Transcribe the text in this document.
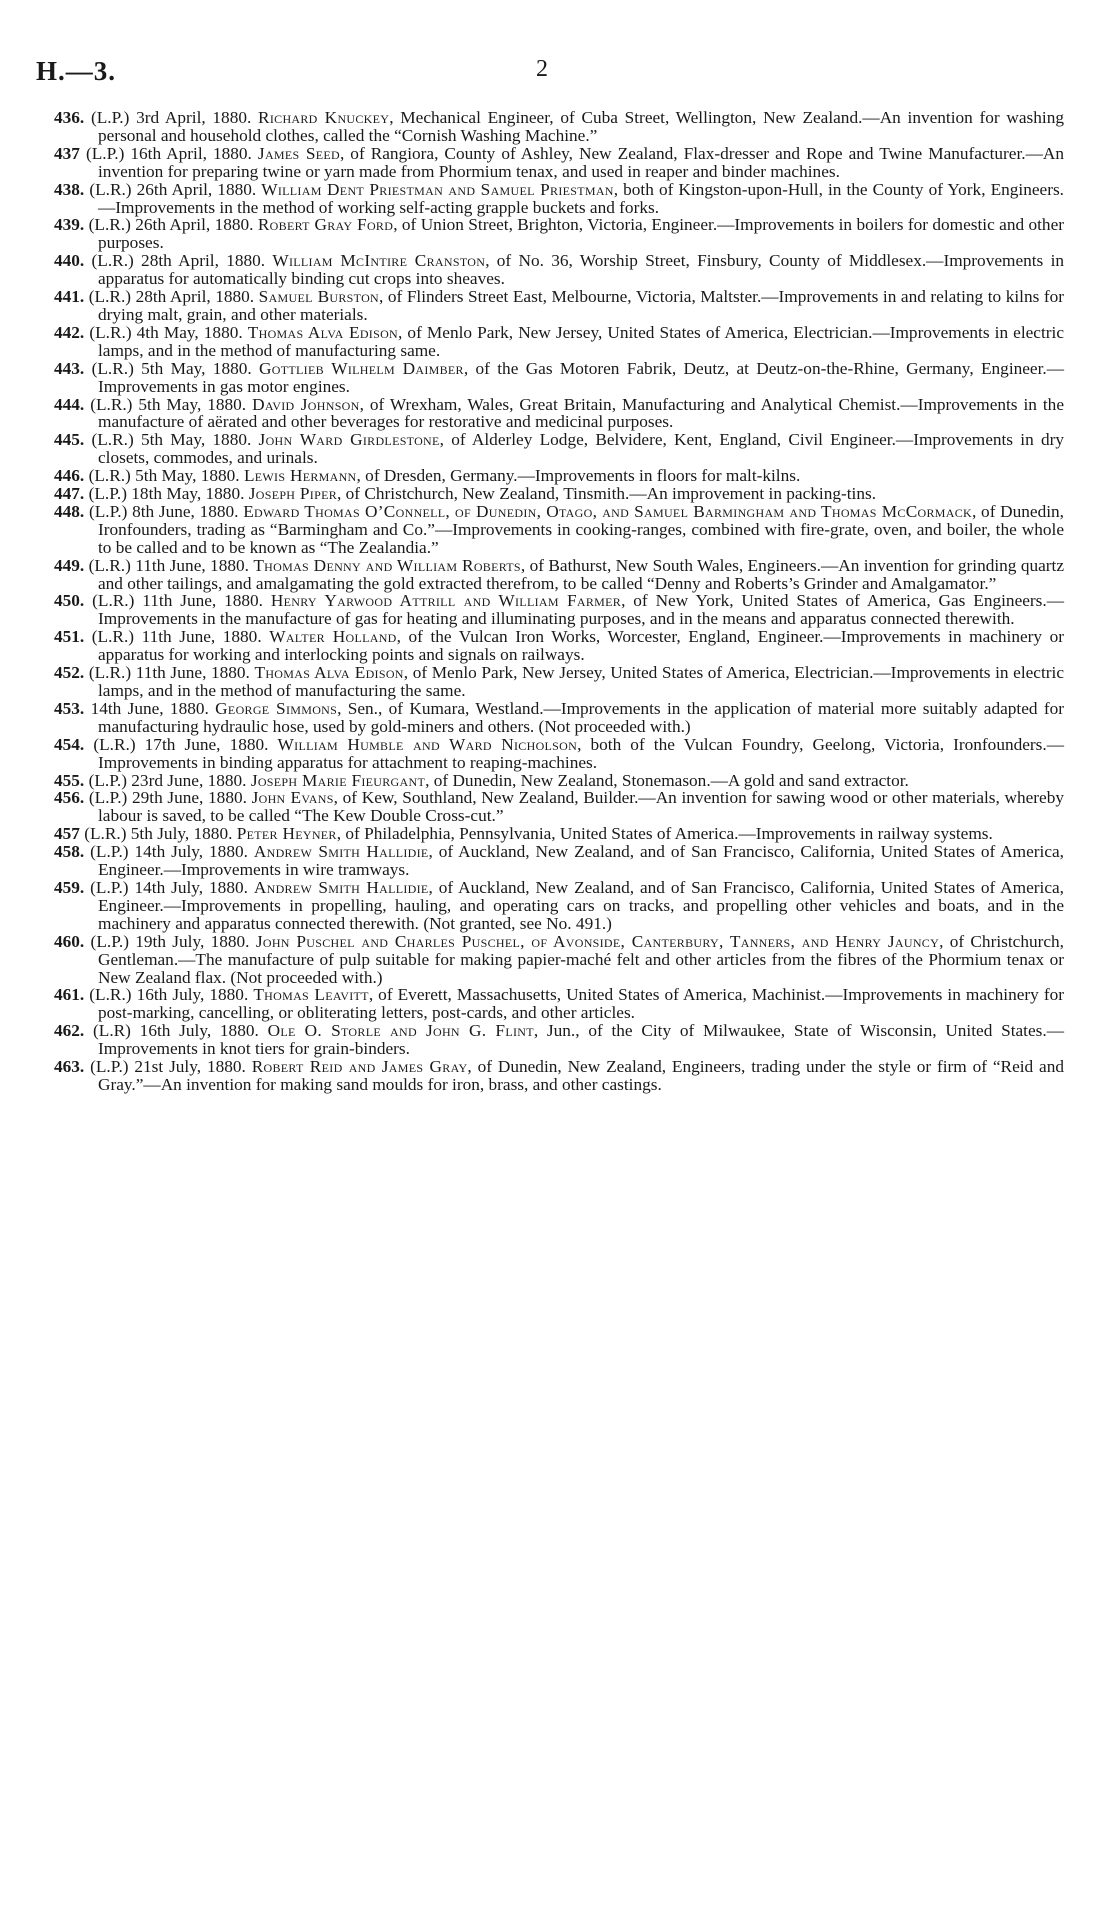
H.—3.	2

436. (L.P.) 3rd April, 1880. Richard Knuckey, Mechanical Engineer, of Cuba Street, Wellington, New Zealand.—An invention for washing personal and household clothes, called the “Cornish Washing Machine.”

437 (L.P.) 16th April, 1880. James Seed, of Rangiora, County of Ashley, New Zealand, Flax-dresser and Rope and Twine Manufacturer.—An invention for preparing twine or yarn made from Phormium tenax, and used in reaper and binder machines.

438. (L.R.) 26th April, 1880. William Dent Priestman and Samuel Priestman, both of Kingston-upon-Hull, in the County of York, Engineers.—Improvements in the method of working self-acting grapple buckets and forks.

439. (L.R.) 26th April, 1880. Robert Gray Ford, of Union Street, Brighton, Victoria, Engineer.—Improvements in boilers for domestic and other purposes.

440. (L.R.) 28th April, 1880. William McIntire Cranston, of No. 36, Worship Street, Finsbury, County of Middlesex.—Improvements in apparatus for automatically binding cut crops into sheaves.

441. (L.R.) 28th April, 1880. Samuel Burston, of Flinders Street East, Melbourne, Victoria, Maltster.—Improvements in and relating to kilns for drying malt, grain, and other materials.

442. (L.R.) 4th May, 1880. Thomas Alva Edison, of Menlo Park, New Jersey, United States of America, Electrician.—Improvements in electric lamps, and in the method of manufacturing same.

443. (L.R.) 5th May, 1880. Gottlieb Wilhelm Daimber, of the Gas Motoren Fabrik, Deutz, at Deutz-on-the-Rhine, Germany, Engineer.—Improvements in gas motor engines.

444. (L.R.) 5th May, 1880. David Johnson, of Wrexham, Wales, Great Britain, Manufacturing and Analytical Chemist.—Improvements in the manufacture of aërated and other beverages for restorative and medicinal purposes.

445. (L.R.) 5th May, 1880. John Ward Girdlestone, of Alderley Lodge, Belvidere, Kent, England, Civil Engineer.—Improvements in dry closets, commodes, and urinals.

446. (L.R.) 5th May, 1880. Lewis Hermann, of Dresden, Germany.—Improvements in floors for malt-kilns.

447. (L.P.) 18th May, 1880. Joseph Piper, of Christchurch, New Zealand, Tinsmith.—An improvement in packing-tins.

448. (L.P.) 8th June, 1880. Edward Thomas O’Connell, of Dunedin, Otago, and Samuel Barmingham and Thomas McCormack, of Dunedin, Ironfounders, trading as “Barmingham and Co.”—Improvements in cooking-ranges, combined with fire-grate, oven, and boiler, the whole to be called and to be known as “The Zealandia.”

449. (L.R.) 11th June, 1880. Thomas Denny and William Roberts, of Bathurst, New South Wales, Engineers.—An invention for grinding quartz and other tailings, and amalgamating the gold extracted therefrom, to be called “Denny and Roberts’s Grinder and Amalgamator.”

450. (L.R.) 11th June, 1880. Henry Yarwood Attrill and William Farmer, of New York, United States of America, Gas Engineers.—Improvements in the manufacture of gas for heating and illuminating purposes, and in the means and apparatus connected therewith.

451. (L.R.) 11th June, 1880. Walter Holland, of the Vulcan Iron Works, Worcester, England, Engineer.—Improvements in machinery or apparatus for working and interlocking points and signals on railways.

452. (L.R.) 11th June, 1880. Thomas Alva Edison, of Menlo Park, New Jersey, United States of America, Electrician.—Improvements in electric lamps, and in the method of manufacturing the same.

453. 14th June, 1880. George Simmons, Sen., of Kumara, Westland.—Improvements in the application of material more suitably adapted for manufacturing hydraulic hose, used by gold-miners and others. (Not proceeded with.)

454. (L.R.) 17th June, 1880. William Humble and Ward Nicholson, both of the Vulcan Foundry, Geelong, Victoria, Ironfounders.—Improvements in binding apparatus for attachment to reaping-machines.

455. (L.P.) 23rd June, 1880. Joseph Marie Fieurgant, of Dunedin, New Zealand, Stonemason.—A gold and sand extractor.

456. (L.P.) 29th June, 1880. John Evans, of Kew, Southland, New Zealand, Builder.—An invention for sawing wood or other materials, whereby labour is saved, to be called “The Kew Double Cross-cut.”

457 (L.R.) 5th July, 1880. Peter Heyner, of Philadelphia, Pennsylvania, United States of America.—Improvements in railway systems.

458. (L.P.) 14th July, 1880. Andrew Smith Hallidie, of Auckland, New Zealand, and of San Francisco, California, United States of America, Engineer.—Improvements in wire tramways.

459. (L.P.) 14th July, 1880. Andrew Smith Hallidie, of Auckland, New Zealand, and of San Francisco, California, United States of America, Engineer.—Improvements in propelling, hauling, and operating cars on tracks, and propelling other vehicles and boats, and in the machinery and apparatus connected therewith. (Not granted, see No. 491.)

460. (L.P.) 19th July, 1880. John Puschel and Charles Puschel, of Avonside, Canterbury, Tanners, and Henry Jauncy, of Christchurch, Gentleman.—The manufacture of pulp suitable for making papier-maché felt and other articles from the fibres of the Phormium tenax or New Zealand flax. (Not proceeded with.)

461. (L.R.) 16th July, 1880. Thomas Leavitt, of Everett, Massachusetts, United States of America, Machinist.—Improvements in machinery for post-marking, cancelling, or obliterating letters, post-cards, and other articles.

462. (L.R) 16th July, 1880. Ole O. Storle and John G. Flint, Jun., of the City of Milwaukee, State of Wisconsin, United States.—Improvements in knot tiers for grain-binders.

463. (L.P.) 21st July, 1880. Robert Reid and James Gray, of Dunedin, New Zealand, Engineers, trading under the style or firm of “Reid and Gray.”—An invention for making sand moulds for iron, brass, and other castings.
